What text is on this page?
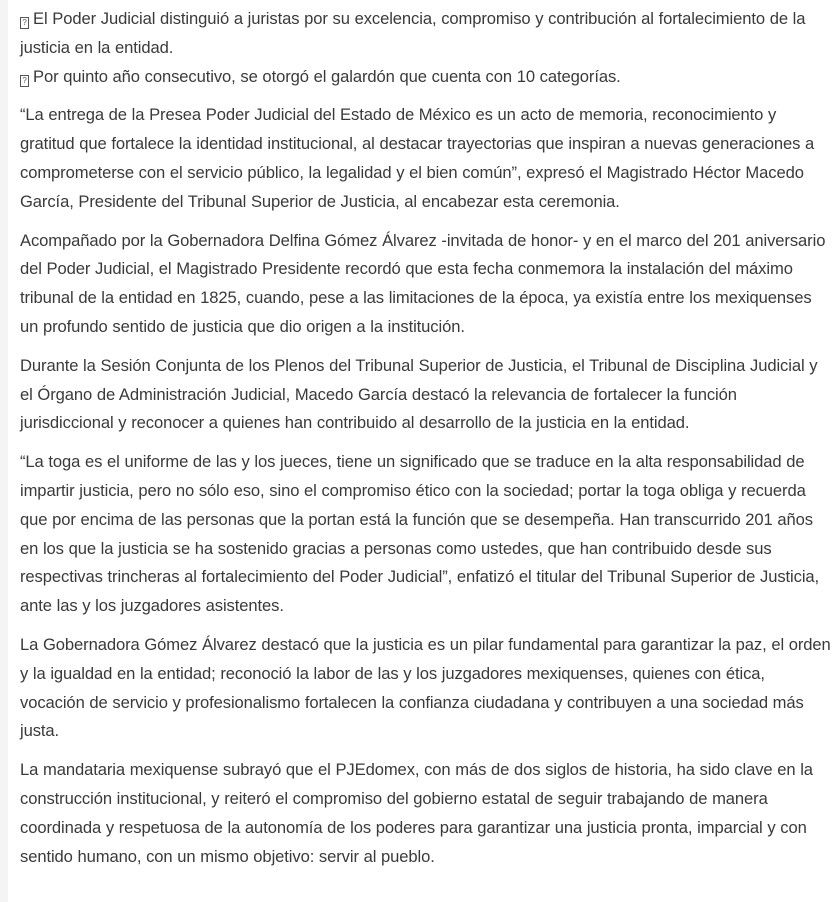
? El Poder Judicial distinguió a juristas por su excelencia, compromiso y contribución al fortalecimiento de la justicia en la entidad.
? Por quinto año consecutivo, se otorgó el galardón que cuenta con 10 categorías.

“La entrega de la Presea Poder Judicial del Estado de México es un acto de memoria, reconocimiento y gratitud que fortalece la identidad institucional, al destacar trayectorias que inspiran a nuevas generaciones a comprometerse con el servicio público, la legalidad y el bien común”, expresó el Magistrado Héctor Macedo García, Presidente del Tribunal Superior de Justicia, al encabezar esta ceremonia.

Acompañado por la Gobernadora Delfina Gómez Álvarez -invitada de honor- y en el marco del 201 aniversario del Poder Judicial, el Magistrado Presidente recordó que esta fecha conmemora la instalación del máximo tribunal de la entidad en 1825, cuando, pese a las limitaciones de la época, ya existía entre los mexiquenses un profundo sentido de justicia que dio origen a la institución.

Durante la Sesión Conjunta de los Plenos del Tribunal Superior de Justicia, el Tribunal de Disciplina Judicial y el Órgano de Administración Judicial, Macedo García destacó la relevancia de fortalecer la función jurisdiccional y reconocer a quienes han contribuido al desarrollo de la justicia en la entidad.

“La toga es el uniforme de las y los jueces, tiene un significado que se traduce en la alta responsabilidad de impartir justicia, pero no sólo eso, sino el compromiso ético con la sociedad; portar la toga obliga y recuerda que por encima de las personas que la portan está la función que se desempeña. Han transcurrido 201 años en los que la justicia se ha sostenido gracias a personas como ustedes, que han contribuido desde sus respectivas trincheras al fortalecimiento del Poder Judicial”, enfatizó el titular del Tribunal Superior de Justicia, ante las y los juzgadores asistentes.

La Gobernadora Gómez Álvarez destacó que la justicia es un pilar fundamental para garantizar la paz, el orden y la igualdad en la entidad; reconoció la labor de las y los juzgadores mexiquenses, quienes con ética, vocación de servicio y profesionalismo fortalecen la confianza ciudadana y contribuyen a una sociedad más justa.

La mandataria mexiquense subrayó que el PJEdomex, con más de dos siglos de historia, ha sido clave en la construcción institucional, y reiteró el compromiso del gobierno estatal de seguir trabajando de manera coordinada y respetuosa de la autonomía de los poderes para garantizar una justicia pronta, imparcial y con sentido humano, con un mismo objetivo: servir al pueblo.
